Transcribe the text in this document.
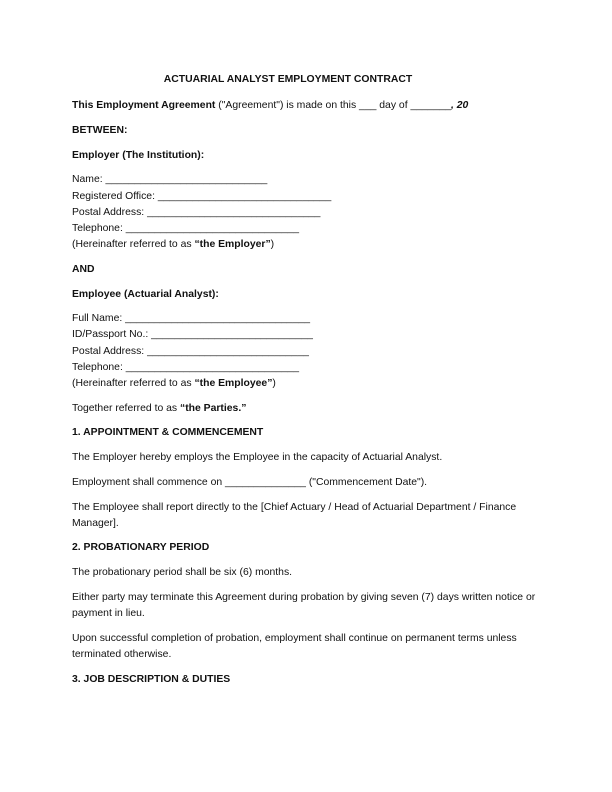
ACTUARIAL ANALYST EMPLOYMENT CONTRACT

This Employment Agreement ("Agreement") is made on this ___ day of _______, 20

BETWEEN:

Employer (The Institution):

Name: ____________________________
Registered Office: ______________________________
Postal Address: ______________________________
Telephone: ______________________________
(Hereinafter referred to as “the Employer”)

AND

Employee (Actuarial Analyst):

Full Name: ________________________________
ID/Passport No.: ____________________________
Postal Address: ____________________________
Telephone: ______________________________
(Hereinafter referred to as “the Employee”)

Together referred to as “the Parties.”

1. APPOINTMENT & COMMENCEMENT

The Employer hereby employs the Employee in the capacity of Actuarial Analyst.

Employment shall commence on ______________ ("Commencement Date").

The Employee shall report directly to the [Chief Actuary / Head of Actuarial Department / Finance Manager].

2. PROBATIONARY PERIOD

The probationary period shall be six (6) months.

Either party may terminate this Agreement during probation by giving seven (7) days written notice or payment in lieu.

Upon successful completion of probation, employment shall continue on permanent terms unless terminated otherwise.

3. JOB DESCRIPTION & DUTIES
